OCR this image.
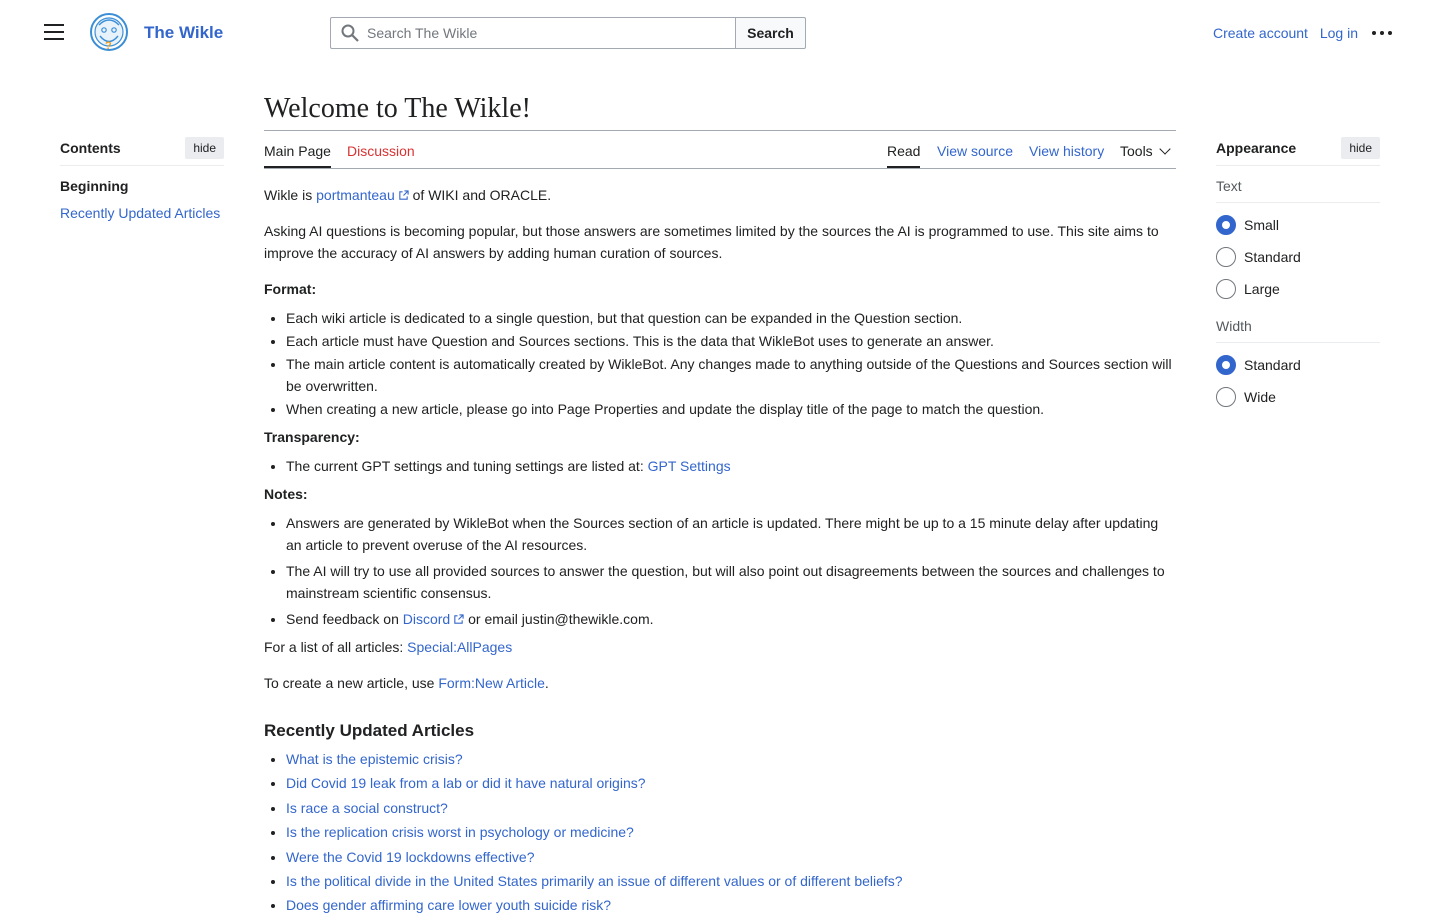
?
The Wikle
Search The Wikle	Search	Create account Log in
Contents	hide
Beginning
Recently Updated Articles
Welcome to The Wikle!
Main Page Discussion	Read View source View history Tools

Wikle is portmanteau of WIKI and ORACLE.

Asking AI questions is becoming popular, but those answers are sometimes limited by the sources the AI is programmed to use. This site aims to improve the accuracy of AI answers by adding human curation of sources.

Format:

• Each wiki article is dedicated to a single question, but that question can be expanded in the Question section.
• Each article must have Question and Sources sections. This is the data that WikleBot uses to generate an answer.
• The main article content is automatically created by WikleBot. Any changes made to anything outside of the Questions and Sources section will be overwritten.
• When creating a new article, please go into Page Properties and update the display title of the page to match the question.

Transparency:

• The current GPT settings and tuning settings are listed at: GPT Settings

Notes:

• Answers are generated by WikleBot when the Sources section of an article is updated. There might be up to a 15 minute delay after updating an article to prevent overuse of the AI resources.
• The AI will try to use all provided sources to answer the question, but will also point out disagreements between the sources and challenges to mainstream scientific consensus.
• Send feedback on Discord or email justin@thewikle.com.

For a list of all articles: Special:AllPages

To create a new article, use Form:New Article.

Recently Updated Articles
• What is the epistemic crisis?
• Did Covid 19 leak from a lab or did it have natural origins?
• Is race a social construct?
• Is the replication crisis worst in psychology or medicine?
• Were the Covid 19 lockdowns effective?
• Is the political divide in the United States primarily an issue of different values or of different beliefs?
• Does gender affirming care lower youth suicide risk?
Appearance	hide
Text
Small
Standard
Large
Width
Standard
Wide
